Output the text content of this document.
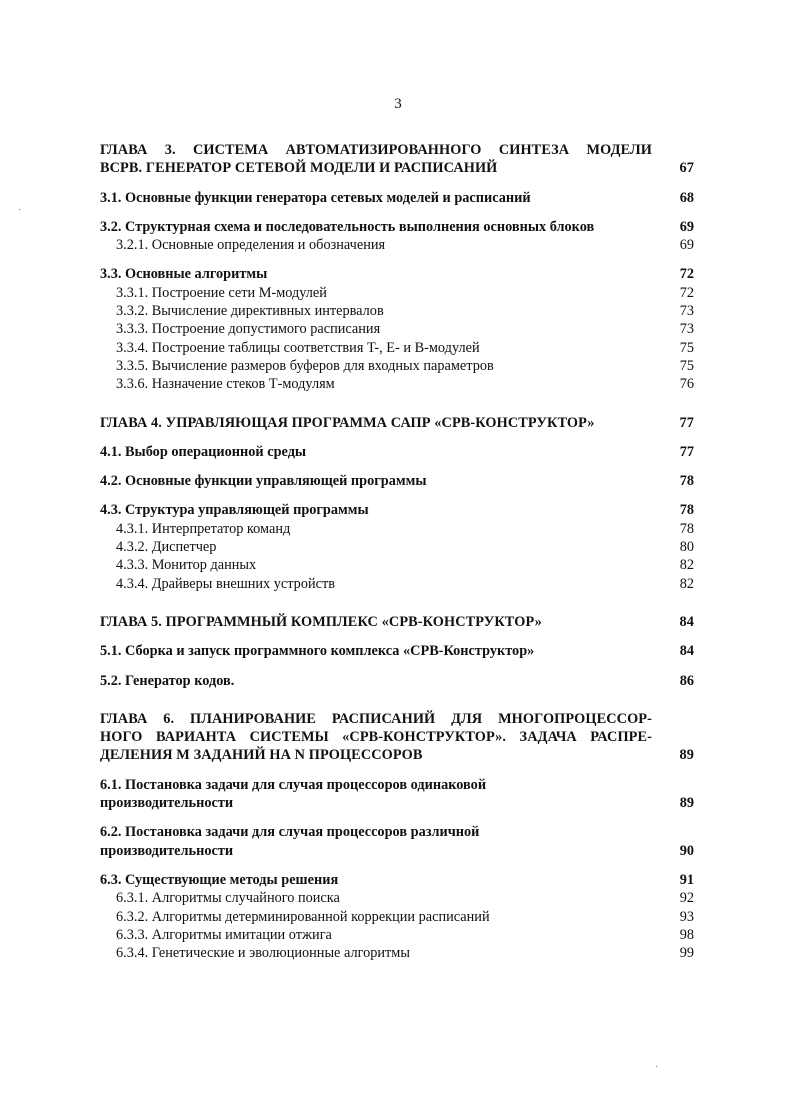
3
ГЛАВА 3. СИСТЕМА АВТОМАТИЗИРОВАННОГО СИНТЕЗА МОДЕЛИ
ВСРВ. ГЕНЕРАТОР СЕТЕВОЙ МОДЕЛИ И РАСПИСАНИЙ	67
3.1. Основные функции генератора сетевых моделей и расписаний	68
3.2. Структурная схема и последовательность выполнения основных блоков	69
3.2.1. Основные определения и обозначения	69
3.3. Основные алгоритмы	72
3.3.1. Построение сети М-модулей	72
3.3.2. Вычисление директивных интервалов	73
3.3.3. Построение допустимого расписания	73
3.3.4. Построение таблицы соответствия T-, E- и B-модулей	75
3.3.5. Вычисление размеров буферов для входных параметров	75
3.3.6. Назначение стеков Т-модулям	76
ГЛАВА 4. УПРАВЛЯЮЩАЯ ПРОГРАММА САПР «СРВ-КОНСТРУКТОР»	77
4.1. Выбор операционной среды	77
4.2. Основные функции управляющей программы	78
4.3. Структура управляющей программы	78
4.3.1. Интерпретатор команд	78
4.3.2. Диспетчер	80
4.3.3. Монитор данных	82
4.3.4. Драйверы внешних устройств	82
ГЛАВА 5. ПРОГРАММНЫЙ КОМПЛЕКС «СРВ-КОНСТРУКТОР»	84
5.1. Сборка и запуск программного комплекса «СРВ-Конструктор»	84
5.2. Генератор кодов.	86
ГЛАВА 6. ПЛАНИРОВАНИЕ РАСПИСАНИЙ ДЛЯ МНОГОПРОЦЕССОР-
НОГО ВАРИАНТА СИСТЕМЫ «СРВ-КОНСТРУКТОР». ЗАДАЧА РАСПРЕ-
ДЕЛЕНИЯ M ЗАДАНИЙ НА N ПРОЦЕССОРОВ	89
6.1. Постановка задачи для случая процессоров одинаковой
производительности	89
6.2. Постановка задачи для случая процессоров различной
производительности	90
6.3. Существующие методы решения	91
6.3.1. Алгоритмы случайного поиска	92
6.3.2. Алгоритмы детерминированной коррекции расписаний	93
6.3.3. Алгоритмы имитации отжига	98
6.3.4. Генетические и эволюционные алгоритмы	99
·
·
